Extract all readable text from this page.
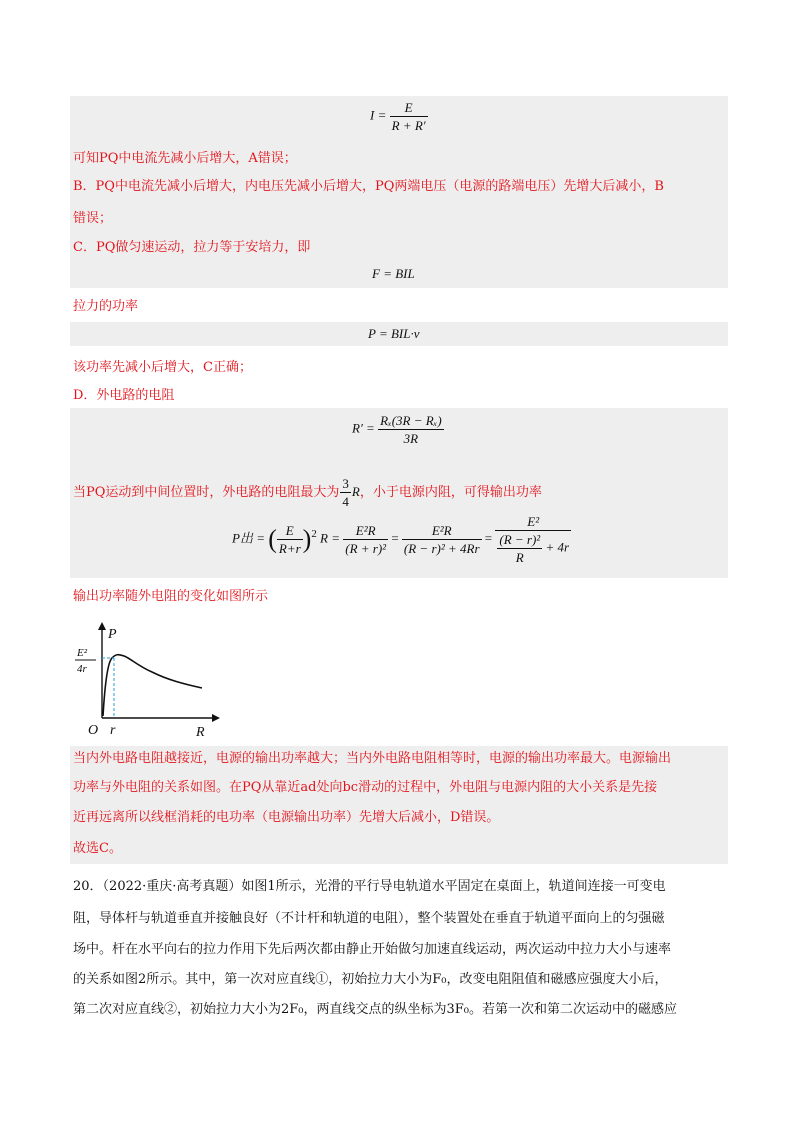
$I = \frac{E}{R + R'}$
可知PQ中电流先减小后增大，A错误；
B．PQ中电流先减小后增大，内电压先减小后增大，PQ两端电压（电源的路端电压）先增大后减小，B
错误；
C．PQ做匀速运动，拉力等于安培力，即
F = BIL
拉力的功率
P = BIL·v
该功率先减小后增大，C正确；
D．外电路的电阻
$R' = \frac{\text{Rₓ(3R − Rₓ)}}{3R}$
当PQ运动到中间位置时，外电路的电阻最大为 $\frac{3}{4}$ R，小于电源内阻，可得输出功率
P出 = ( $\frac{E}{R+r} )^2$ $R = \frac{\text{E²R}}{\text{(R + r)²}} = \frac{\text{E²R}}{\text{(R − r)² + 4Rr}} = \frac{\text{E²}}{\frac{\text{(R − r)²}}{R} + 4r}$
输出功率随外电阻的变化如图所示
P
R
O r
E²
4r
当内外电路电阻越接近，电源的输出功率越大；当内外电路电阻相等时，电源的输出功率最大。电源输出
功率与外电阻的关系如图。在PQ从靠近ad处向bc滑动的过程中，外电阻与电源内阻的大小关系是先接
近再远离所以线框消耗的电功率（电源输出功率）先增大后减小，D错误。
故选C。
20．（2022·重庆·高考真题）如图1所示，光滑的平行导电轨道水平固定在桌面上，轨道间连接一可变电
阻，导体杆与轨道垂直并接触良好（不计杆和轨道的电阻），整个装置处在垂直于轨道平面向上的匀强磁
场中。杆在水平向右的拉力作用下先后两次都由静止开始做匀加速直线运动，两次运动中拉力大小与速率
的关系如图2所示。其中，第一次对应直线①，初始拉力大小为F₀，改变电阻阻值和磁感应强度大小后，
第二次对应直线②，初始拉力大小为2F₀，两直线交点的纵坐标为3F₀。若第一次和第二次运动中的磁感应
